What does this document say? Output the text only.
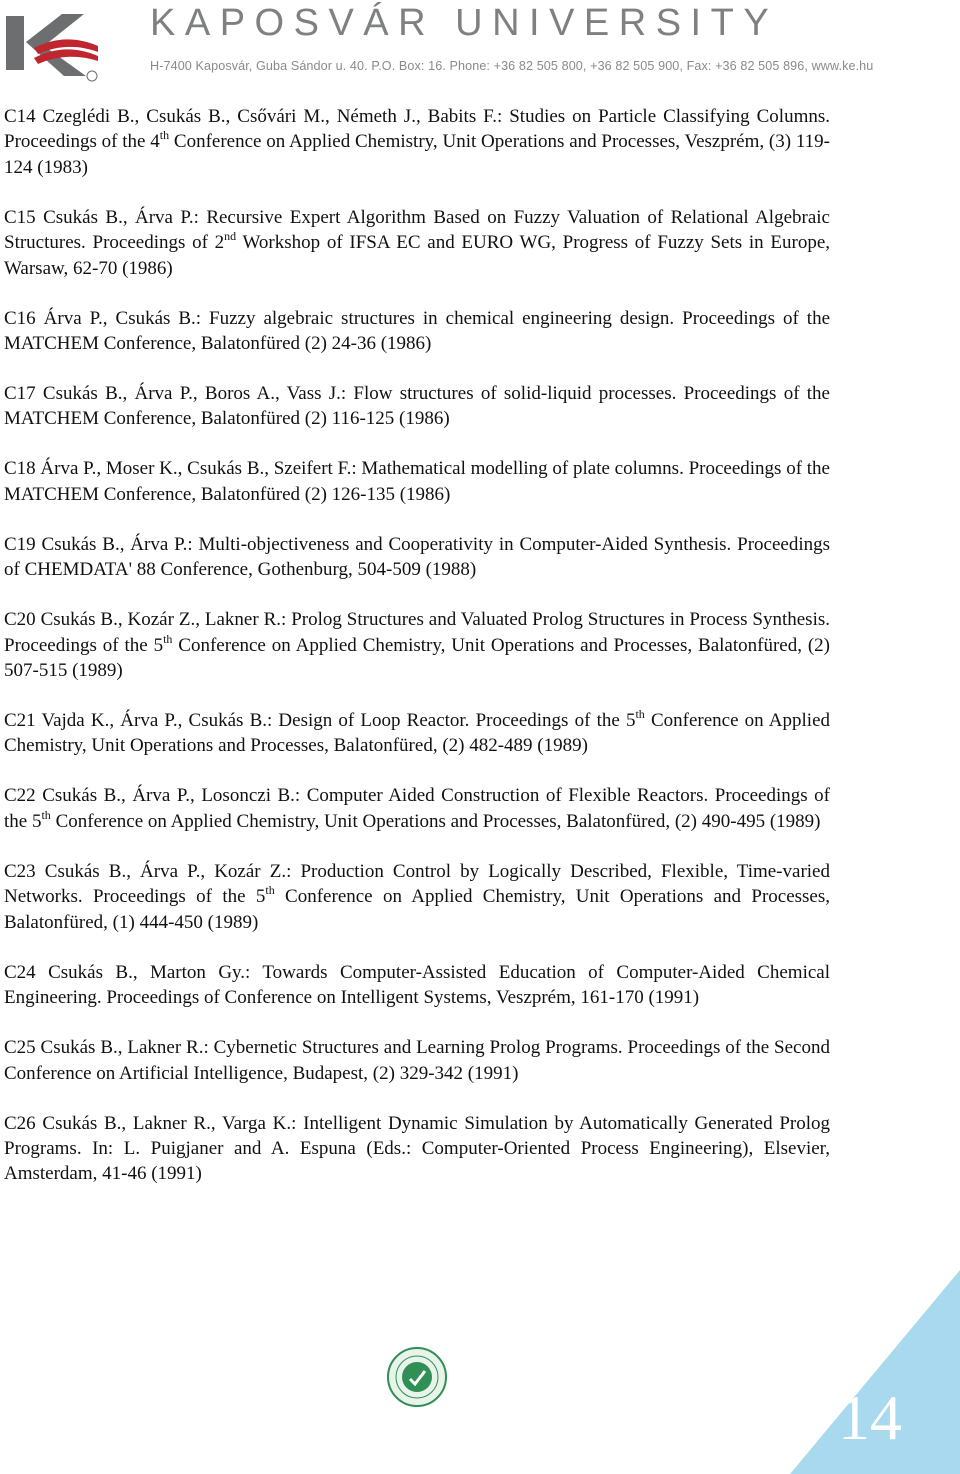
KAPOSVÁR UNIVERSITY
H-7400 Kaposvár, Guba Sándor u. 40. P.O. Box: 16. Phone: +36 82 505 800, +36 82 505 900, Fax: +36 82 505 896, www.ke.hu

C14 Czeglédi B., Csukás B., Csővári M., Németh J., Babits F.: Studies on Particle Classifying Columns. Proceedings of the 4th Conference on Applied Chemistry, Unit Operations and Processes, Veszprém, (3) 119-124 (1983)

C15 Csukás B., Árva P.: Recursive Expert Algorithm Based on Fuzzy Valuation of Relational Algebraic Structures. Proceedings of 2nd Workshop of IFSA EC and EURO WG, Progress of Fuzzy Sets in Europe, Warsaw, 62-70 (1986)

C16 Árva P., Csukás B.: Fuzzy algebraic structures in chemical engineering design. Proceedings of the MATCHEM Conference, Balatonfüred (2) 24-36 (1986)

C17 Csukás B., Árva P., Boros A., Vass J.: Flow structures of solid-liquid processes. Proceedings of the MATCHEM Conference, Balatonfüred (2) 116-125 (1986)

C18 Árva P., Moser K., Csukás B., Szeifert F.: Mathematical modelling of plate columns. Proceedings of the MATCHEM Conference, Balatonfüred (2) 126-135 (1986)

C19 Csukás B., Árva P.: Multi-objectiveness and Cooperativity in Computer-Aided Synthesis. Proceedings of CHEMDATA' 88 Conference, Gothenburg, 504-509 (1988)

C20 Csukás B., Kozár Z., Lakner R.: Prolog Structures and Valuated Prolog Structures in Process Synthesis. Proceedings of the 5th Conference on Applied Chemistry, Unit Operations and Processes, Balatonfüred, (2) 507-515 (1989)

C21 Vajda K., Árva P., Csukás B.: Design of Loop Reactor. Proceedings of the 5th Conference on Applied Chemistry, Unit Operations and Processes, Balatonfüred, (2) 482-489 (1989)

C22 Csukás B., Árva P., Losonczi B.: Computer Aided Construction of Flexible Reactors. Proceedings of the 5th Conference on Applied Chemistry, Unit Operations and Processes, Balatonfüred, (2) 490-495 (1989)

C23 Csukás B., Árva P., Kozár Z.: Production Control by Logically Described, Flexible, Time-varied Networks. Proceedings of the 5th Conference on Applied Chemistry, Unit Operations and Processes, Balatonfüred, (1) 444-450 (1989)

C24 Csukás B., Marton Gy.: Towards Computer-Assisted Education of Computer-Aided Chemical Engineering. Proceedings of Conference on Intelligent Systems, Veszprém, 161-170 (1991)

C25 Csukás B., Lakner R.: Cybernetic Structures and Learning Prolog Programs. Proceedings of the Second Conference on Artificial Intelligence, Budapest, (2) 329-342 (1991)

C26 Csukás B., Lakner R., Varga K.: Intelligent Dynamic Simulation by Automatically Generated Prolog Programs. In: L. Puigjaner and A. Espuna (Eds.: Computer-Oriented Process Engineering), Elsevier, Amsterdam, 41-46 (1991)

14
